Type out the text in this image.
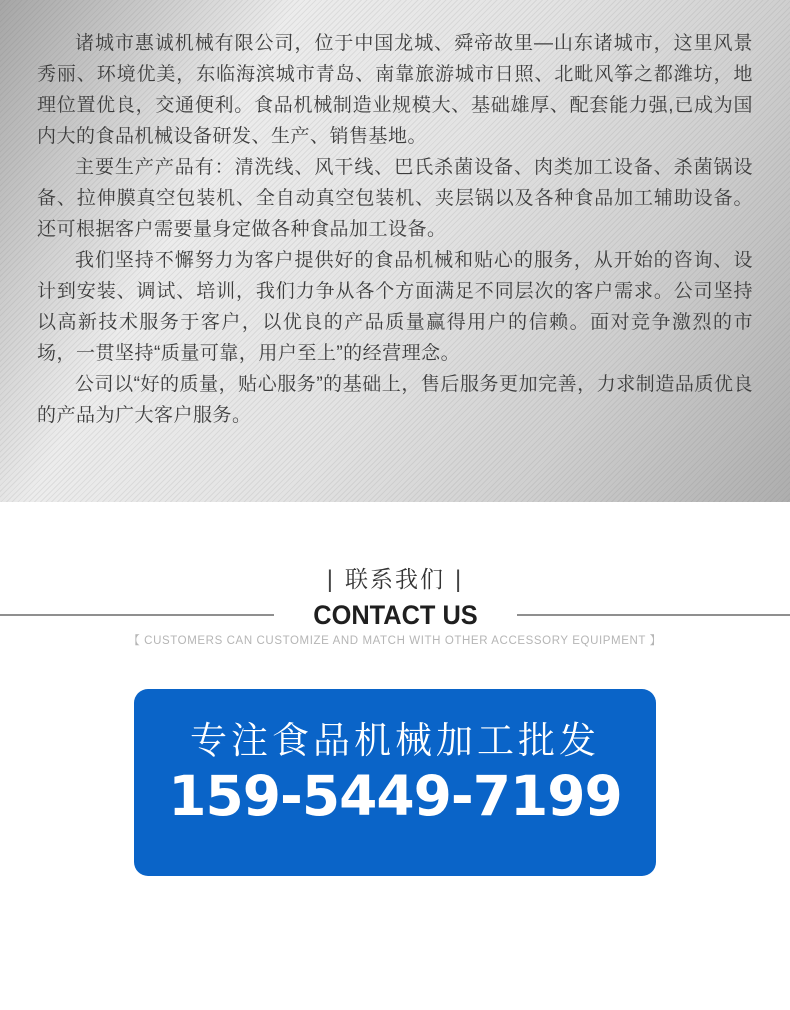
诸城市惠诚机械有限公司，位于中国龙城、舜帝故里—山东诸城市，这里风景秀丽、环境优美，东临海滨城市青岛、南靠旅游城市日照、北毗风筝之都潍坊，地理位置优良，交通便利。食品机械制造业规模大、基础雄厚、配套能力强,已成为国内大的食品机械设备研发、生产、销售基地。

主要生产产品有：清洗线、风干线、巴氏杀菌设备、肉类加工设备、杀菌锅设备、拉伸膜真空包装机、全自动真空包装机、夹层锅以及各种食品加工辅助设备。还可根据客户需要量身定做各种食品加工设备。

我们坚持不懈努力为客户提供好的食品机械和贴心的服务，从开始的咨询、设计到安装、调试、培训，我们力争从各个方面满足不同层次的客户需求。公司坚持以高新技术服务于客户，以优良的产品质量赢得用户的信赖。面对竞争激烈的市场，一贯坚持“质量可靠，用户至上”的经营理念。

公司以“好的质量，贴心服务”的基础上，售后服务更加完善，力求制造品质优良的产品为广大客户服务。

| 联系我们 |
CONTACT US
【 CUSTOMERS CAN CUSTOMIZE AND MATCH WITH OTHER ACCESSORY EQUIPMENT 】
专注食品机械加工批发
159-5449-7199
